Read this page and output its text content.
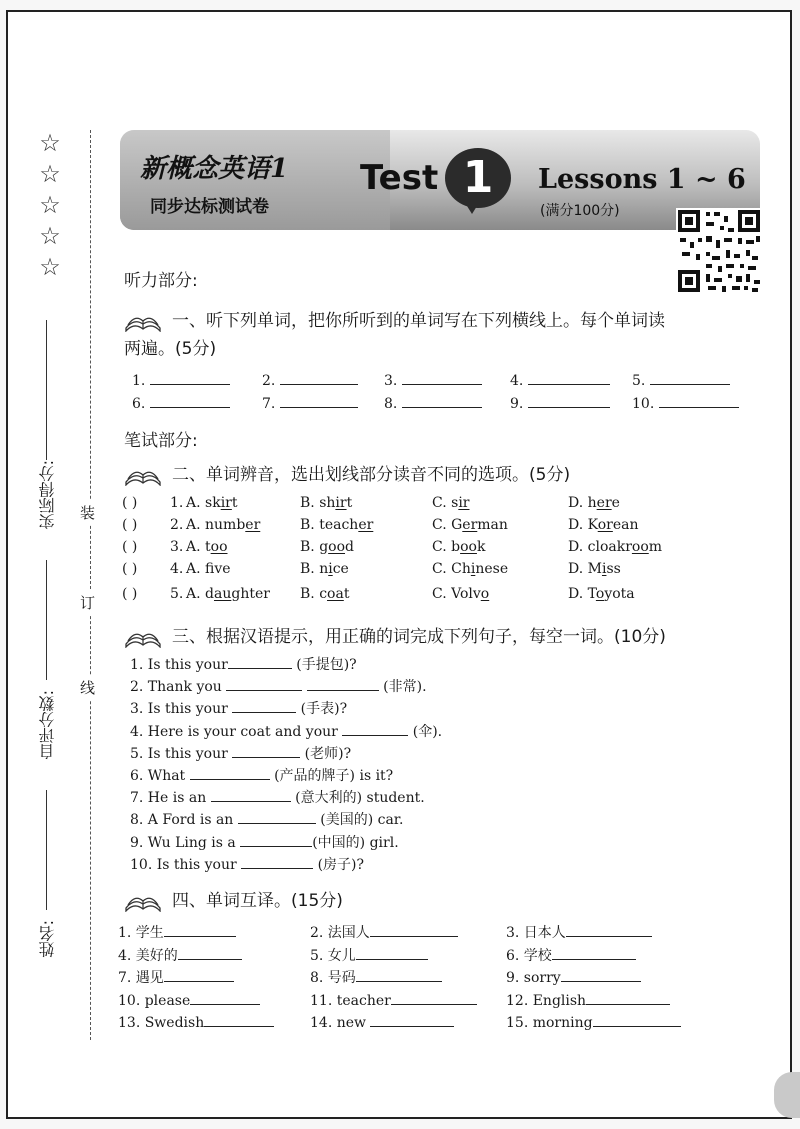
☆
☆
☆
☆
☆
装
订
线
实际得分:
自评分数:
姓名:
新概念英语1
同步达标测试卷
Test 1	Lessons 1 ~ 6
(满分100分)
听力部分:
一、听下列单词，把你所听到的单词写在下列横线上。每个单词读
两遍。(5分)
1.	2.	3.	4.	5.
6.	7.	8.	9.	10.
笔试部分:
二、单词辨音，选出划线部分读音不同的选项。(5分)
( ) 1. A. skirt	B. shirt	C. sir	D. here
( ) 2. A. number	B. teacher	C. German	D. Korean
( ) 3. A. too	B. good	C. book	D. cloakroom
( ) 4. A. fve	B. nice	C. Chinese	D. Miss
( ) 5. A. daughter B. coat	C. Volvo	D. Toyota
三、根据汉语提示，用正确的词完成下列句子，每空一词。(10分)
1. Is this your	(手提包)?
2. Thank you	(非常).
3. Is this your	(手表)?
4. Here is your coat and your	(伞).
5. Is this your	(老师)?
6. What	(产品的牌子) is it?
7. He is an	(意大利的) student.
8. A Ford is an	(美国的) car.
9. Wu Ling is a	(中国的) girl.
10. Is this your	(房子)?
四、单词互译。(15分)
1. 学生	2. 法国人	3. 日本人
4. 美好的	5. 女儿	6. 学校
7. 遇见	8. 号码	9. sorry
10. please	11. teacher	12. English
13. Swedish	14. new	15. morning
